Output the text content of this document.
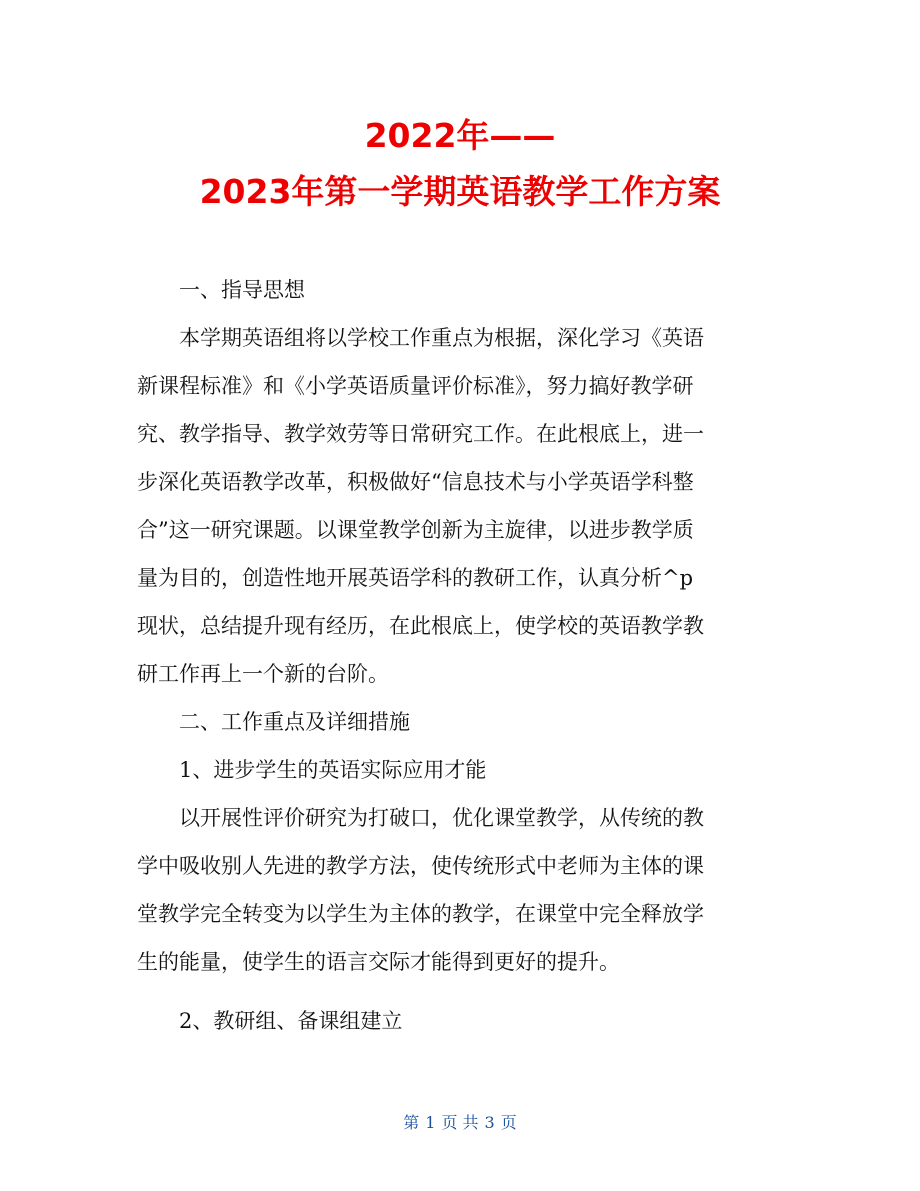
2022年——
2023年第一学期英语教学工作方案
一、指导思想
本学期英语组将以学校工作重点为根据，深化学习《英语
新课程标准》和《小学英语质量评价标准》，努力搞好教学研
究、教学指导、教学效劳等日常研究工作。在此根底上，进一
步深化英语教学改革，积极做好“信息技术与小学英语学科整
合”这一研究课题。以课堂教学创新为主旋律，以进步教学质
量为目的，创造性地开展英语学科的教研工作，认真分析^p
现状，总结提升现有经历，在此根底上，使学校的英语教学教
研工作再上一个新的台阶。
二、工作重点及详细措施
1、进步学生的英语实际应用才能
以开展性评价研究为打破口，优化课堂教学，从传统的教
学中吸收别人先进的教学方法，使传统形式中老师为主体的课
堂教学完全转变为以学生为主体的教学，在课堂中完全释放学
生的能量，使学生的语言交际才能得到更好的提升。
2、教研组、备课组建立
第 1 页 共 3 页
